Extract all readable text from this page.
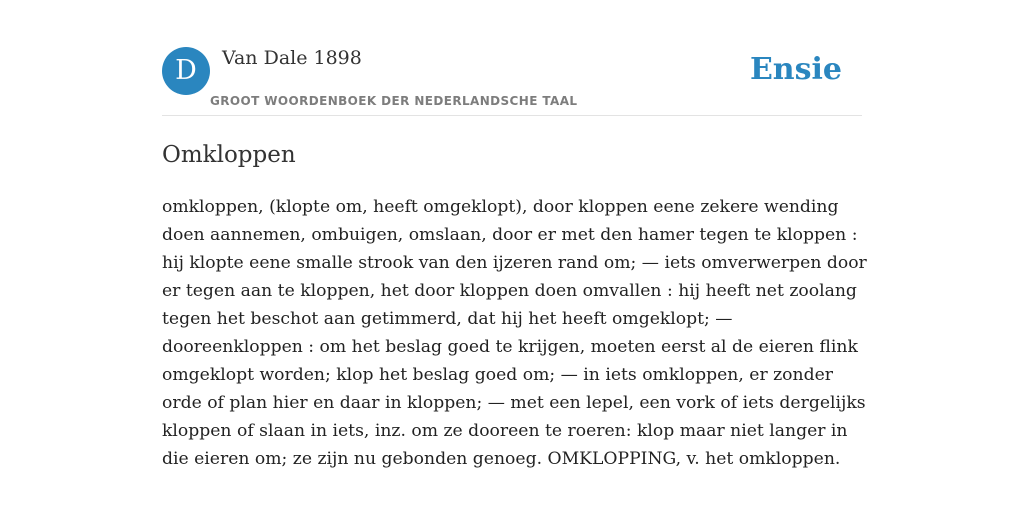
D	Van Dale 1898
GROOT WOORDENBOEK DER NEDERLANDSCHE TAAL
Ensie
Omkloppen
omkloppen, (klopte om, heeft omgeklopt), door kloppen eene zekere wending
doen aannemen, ombuigen, omslaan, door er met den hamer tegen te kloppen :
hij klopte eene smalle strook van den ijzeren rand om; — iets omverwerpen door
er tegen aan te kloppen, het door kloppen doen omvallen : hij heeft net zoolang
tegen het beschot aan getimmerd, dat hij het heeft omgeklopt; —
dooreenkloppen : om het beslag goed te krijgen, moeten eerst al de eieren flink
omgeklopt worden; klop het beslag goed om; — in iets omkloppen, er zonder
orde of plan hier en daar in kloppen; — met een lepel, een vork of iets dergelijks
kloppen of slaan in iets, inz. om ze dooreen te roeren: klop maar niet langer in
die eieren om; ze zijn nu gebonden genoeg. OMKLOPPING, v. het omkloppen.
